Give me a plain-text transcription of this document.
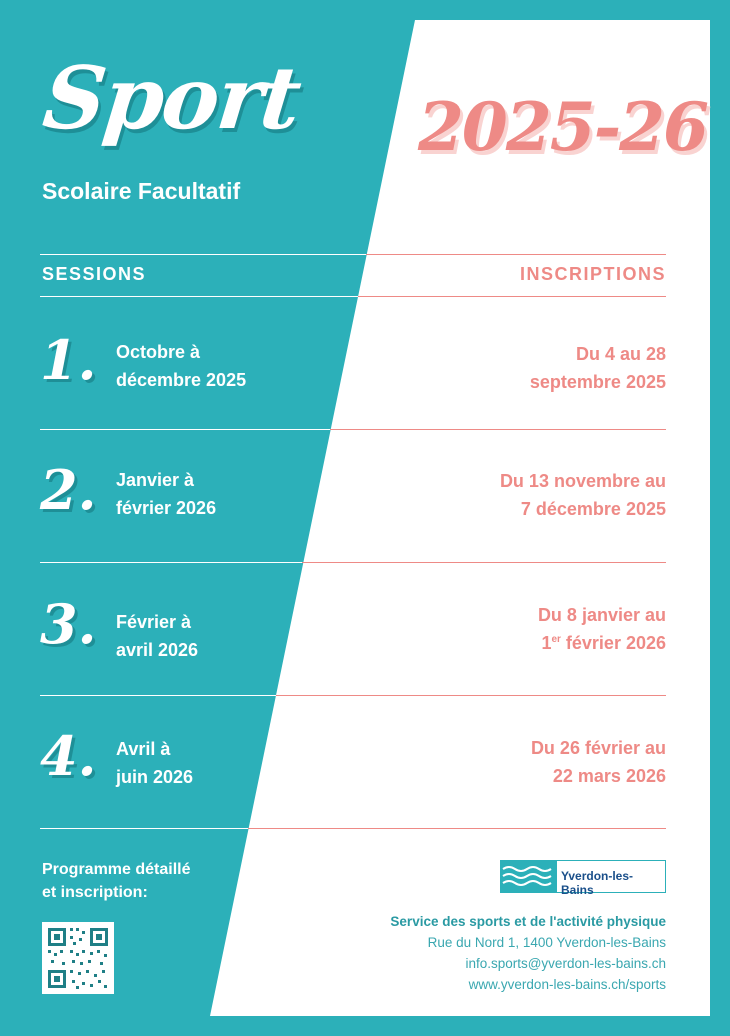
Sport
Scolaire Facultatif
2025-26
SESSIONS	INSCRIPTIONS
1. Octobre à
décembre 2025
Du 4 au 28
septembre 2025
2. Janvier à
février 2026
Du 13 novembre au
7 décembre 2025
3. Février à
avril 2026
Du 8 janvier au
1er février 2026
4. Avril à
juin 2026
Du 26 février au
22 mars 2026
Programme détaillé
et inscription:
Yverdon-les-Bains
Service des sports et de l'activité physique
Rue du Nord 1, 1400 Yverdon-les-Bains
info.sports@yverdon-les-bains.ch
www.yverdon-les-bains.ch/sports
